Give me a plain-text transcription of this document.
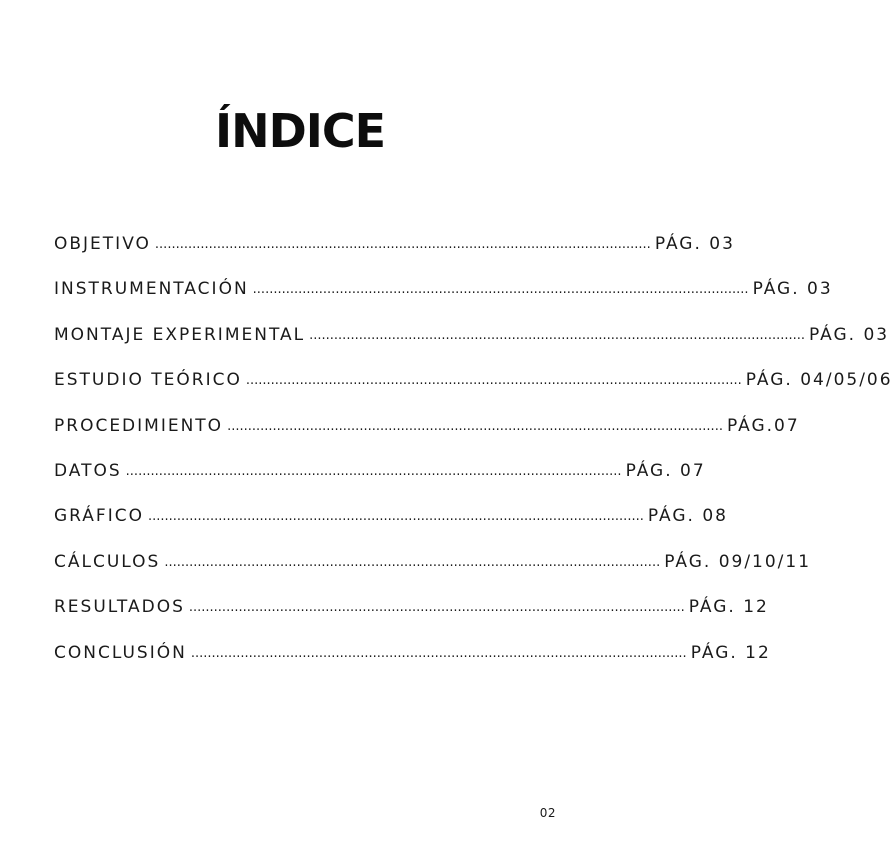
ÍNDICE
OBJETIVO ........................................................................................................................ PÁG. 03
INSTRUMENTACIÓN ........................................................................................................................ PÁG. 03
MONTAJE EXPERIMENTAL ........................................................................................................................ PÁG. 03
ESTUDIO TEÓRICO ........................................................................................................................ PÁG. 04/05/06
PROCEDIMIENTO ........................................................................................................................ PÁG.07
DATOS ........................................................................................................................ PÁG. 07
GRÁFICO ........................................................................................................................ PÁG. 08
CÁLCULOS ........................................................................................................................ PÁG. 09/10/11
RESULTADOS ........................................................................................................................ PÁG. 12
CONCLUSIÓN ........................................................................................................................ PÁG. 12
02
